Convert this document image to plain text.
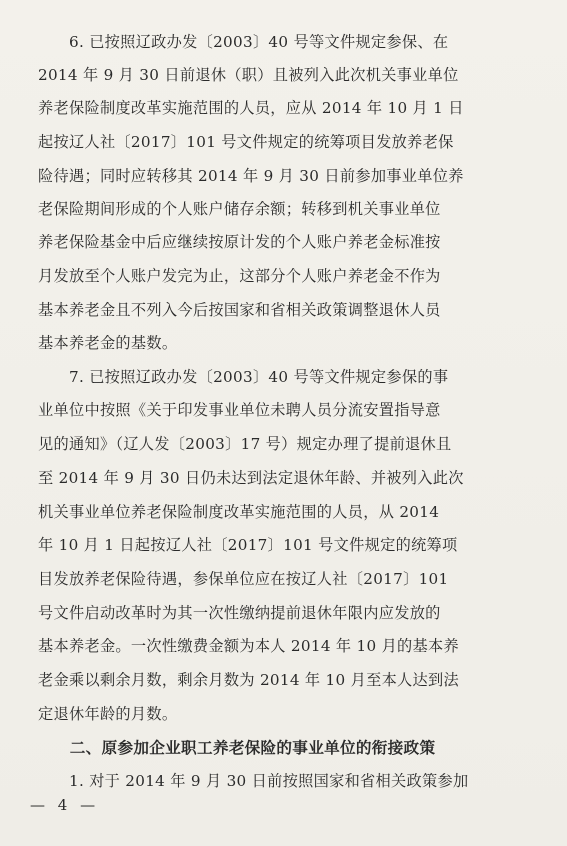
　　6. 已按照辽政办发〔2003〕40 号等文件规定参保、在
2014 年 9 月 30 日前退休（职）且被列入此次机关事业单位
养老保险制度改革实施范围的人员，应从 2014 年 10 月 1 日
起按辽人社〔2017〕101 号文件规定的统筹项目发放养老保
险待遇；同时应转移其 2014 年 9 月 30 日前参加事业单位养
老保险期间形成的个人账户储存余额；转移到机关事业单位
养老保险基金中后应继续按原计发的个人账户养老金标准按
月发放至个人账户发完为止，这部分个人账户养老金不作为
基本养老金且不列入今后按国家和省相关政策调整退休人员
基本养老金的基数。
　　7. 已按照辽政办发〔2003〕40 号等文件规定参保的事
业单位中按照《关于印发事业单位未聘人员分流安置指导意
见的通知》（辽人发〔2003〕17 号）规定办理了提前退休且
至 2014 年 9 月 30 日仍未达到法定退休年龄、并被列入此次
机关事业单位养老保险制度改革实施范围的人员，从 2014
年 10 月 1 日起按辽人社〔2017〕101 号文件规定的统筹项
目发放养老保险待遇，参保单位应在按辽人社〔2017〕101
号文件启动改革时为其一次性缴纳提前退休年限内应发放的
基本养老金。一次性缴费金额为本人 2014 年 10 月的基本养
老金乘以剩余月数，剩余月数为 2014 年 10 月至本人达到法
定退休年龄的月数。
　　二、原参加企业职工养老保险的事业单位的衔接政策
　　1. 对于 2014 年 9 月 30 日前按照国家和省相关政策参加
— 4 —
